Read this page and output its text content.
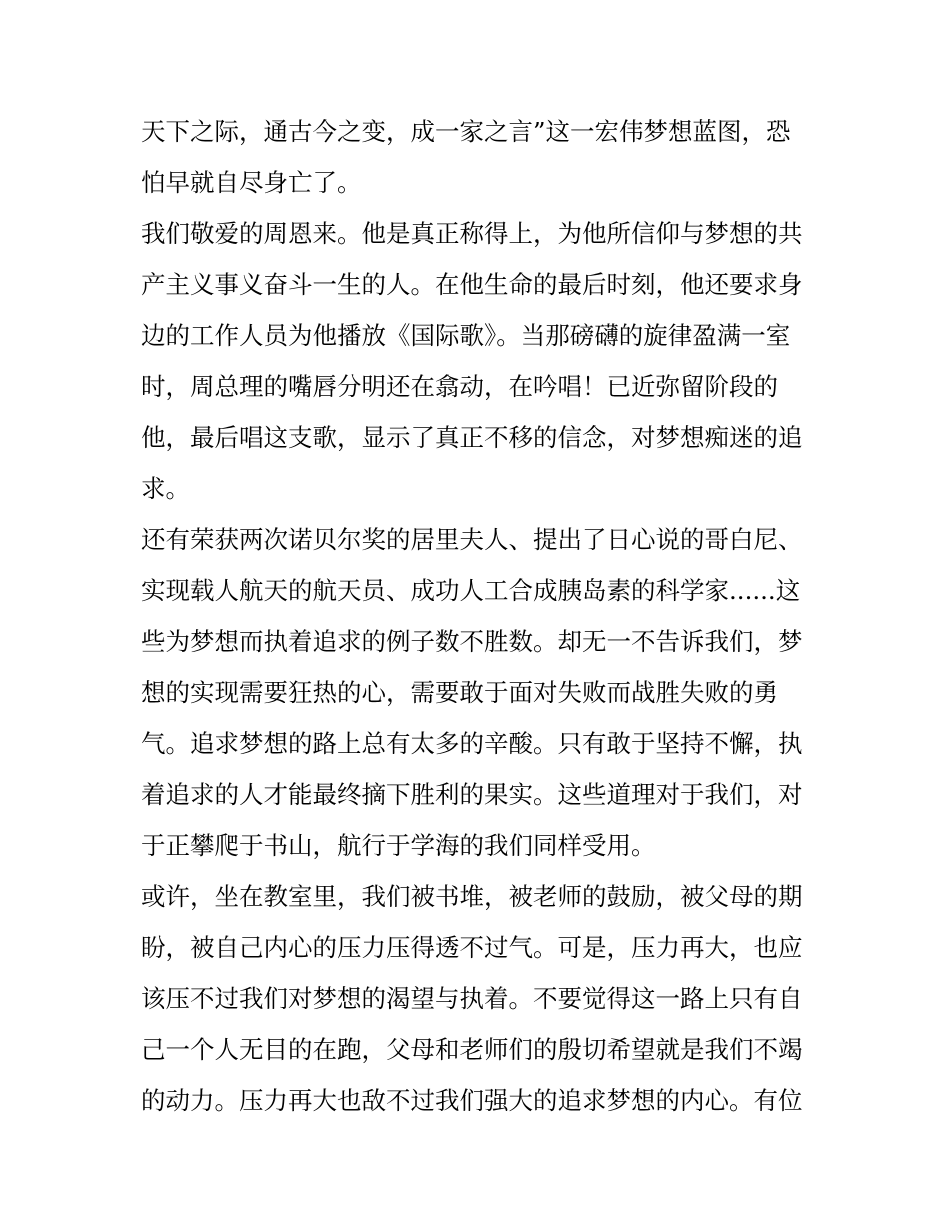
天下之际，通古今之变，成一家之言”这一宏伟梦想蓝图，恐
怕早就自尽身亡了。
我们敬爱的周恩来。他是真正称得上，为他所信仰与梦想的共
产主义事义奋斗一生的人。在他生命的最后时刻，他还要求身
边的工作人员为他播放《国际歌》。当那磅礴的旋律盈满一室
时，周总理的嘴唇分明还在翕动，在吟唱！已近弥留阶段的
他，最后唱这支歌，显示了真正不移的信念，对梦想痴迷的追
求。
还有荣获两次诺贝尔奖的居里夫人、提出了日心说的哥白尼、
实现载人航天的航天员、成功人工合成胰岛素的科学家......这
些为梦想而执着追求的例子数不胜数。却无一不告诉我们，梦
想的实现需要狂热的心，需要敢于面对失败而战胜失败的勇
气。追求梦想的路上总有太多的辛酸。只有敢于坚持不懈，执
着追求的人才能最终摘下胜利的果实。这些道理对于我们，对
于正攀爬于书山，航行于学海的我们同样受用。
或许，坐在教室里，我们被书堆，被老师的鼓励，被父母的期
盼，被自己内心的压力压得透不过气。可是，压力再大，也应
该压不过我们对梦想的渴望与执着。不要觉得这一路上只有自
己一个人无目的在跑，父母和老师们的殷切希望就是我们不竭
的动力。压力再大也敌不过我们强大的追求梦想的内心。有位
